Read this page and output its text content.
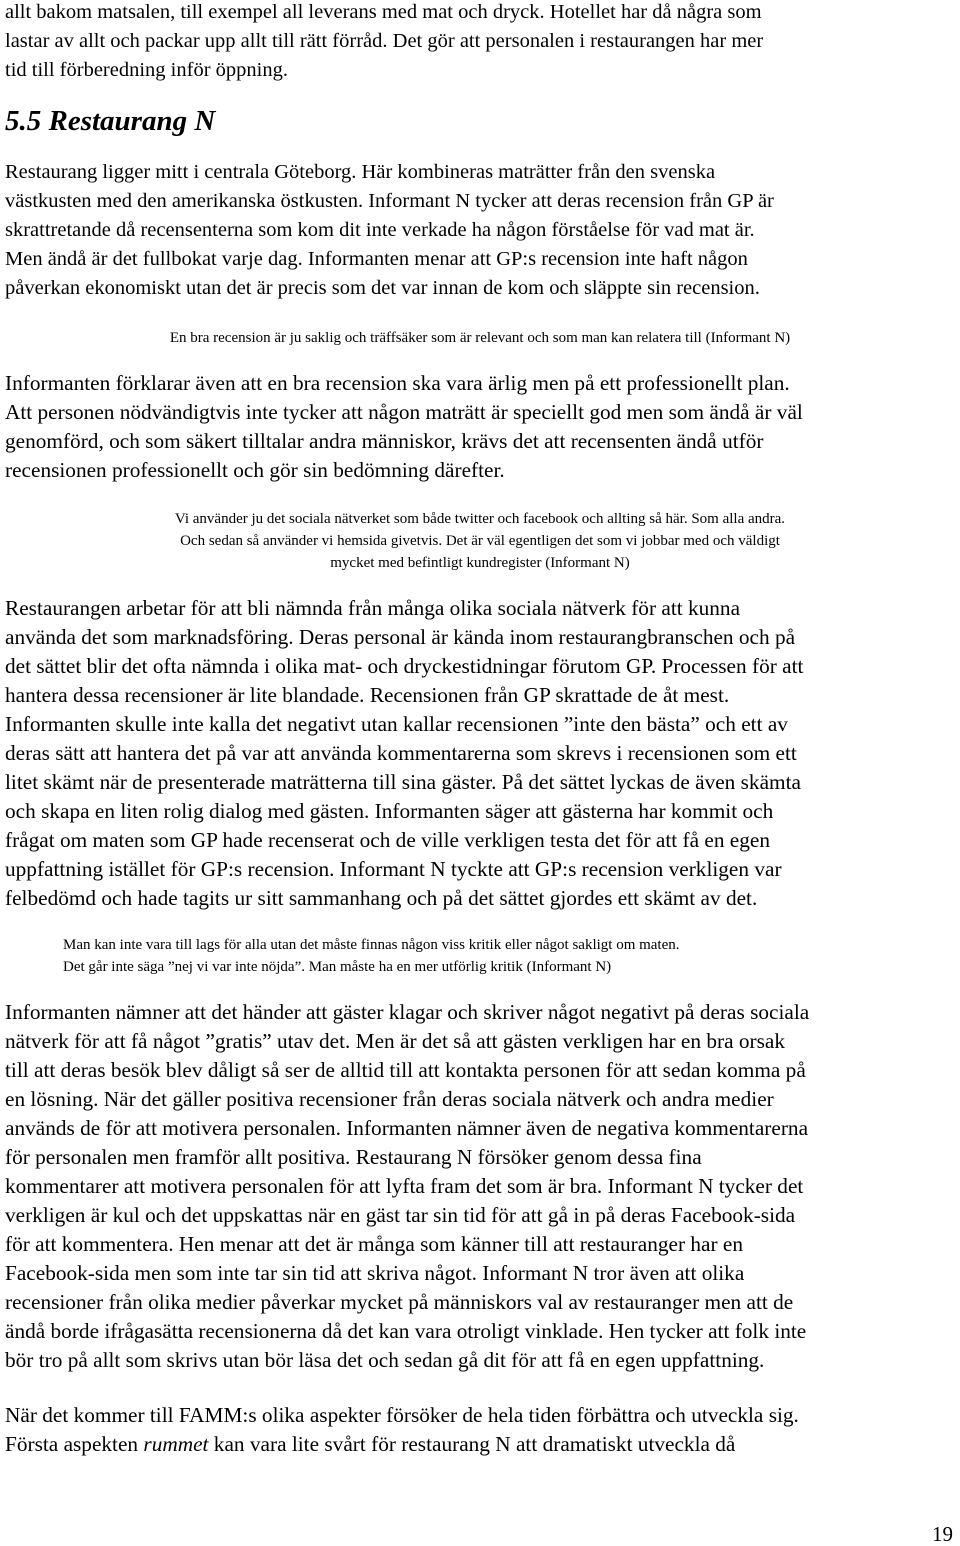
allt bakom matsalen, till exempel all leverans med mat och dryck. Hotellet har då några som
lastar av allt och packar upp allt till rätt förråd. Det gör att personalen i restaurangen har mer
tid till förberedning inför öppning.
5.5 Restaurang N
Restaurang ligger mitt i centrala Göteborg. Här kombineras maträtter från den svenska
västkusten med den amerikanska östkusten. Informant N tycker att deras recension från GP är
skrattretande då recensenterna som kom dit inte verkade ha någon förståelse för vad mat är.
Men ändå är det fullbokat varje dag. Informanten menar att GP:s recension inte haft någon
påverkan ekonomiskt utan det är precis som det var innan de kom och släppte sin recension.
En bra recension är ju saklig och träffsäker som är relevant och som man kan relatera till (Informant N)
Informanten förklarar även att en bra recension ska vara ärlig men på ett professionellt plan.
Att personen nödvändigtvis inte tycker att någon maträtt är speciellt god men som ändå är väl
genomförd, och som säkert tilltalar andra människor, krävs det att recensenten ändå utför
recensionen professionellt och gör sin bedömning därefter.
Vi använder ju det sociala nätverket som både twitter och facebook och allting så här. Som alla andra.
Och sedan så använder vi hemsida givetvis. Det är väl egentligen det som vi jobbar med och väldigt
mycket med befintligt kundregister (Informant N)
Restaurangen arbetar för att bli nämnda från många olika sociala nätverk för att kunna
använda det som marknadsföring. Deras personal är kända inom restaurangbranschen och på
det sättet blir det ofta nämnda i olika mat- och dryckestidningar förutom GP. Processen för att
hantera dessa recensioner är lite blandade. Recensionen från GP skrattade de åt mest.
Informanten skulle inte kalla det negativt utan kallar recensionen ”inte den bästa” och ett av
deras sätt att hantera det på var att använda kommentarerna som skrevs i recensionen som ett
litet skämt när de presenterade maträtterna till sina gäster. På det sättet lyckas de även skämta
och skapa en liten rolig dialog med gästen. Informanten säger att gästerna har kommit och
frågat om maten som GP hade recenserat och de ville verkligen testa det för att få en egen
uppfattning istället för GP:s recension. Informant N tyckte att GP:s recension verkligen var
felbedömd och hade tagits ur sitt sammanhang och på det sättet gjordes ett skämt av det.
Man kan inte vara till lags för alla utan det måste finnas någon viss kritik eller något sakligt om maten.
Det går inte säga ”nej vi var inte nöjda”. Man måste ha en mer utförlig kritik (Informant N)
Informanten nämner att det händer att gäster klagar och skriver något negativt på deras sociala
nätverk för att få något ”gratis” utav det. Men är det så att gästen verkligen har en bra orsak
till att deras besök blev dåligt så ser de alltid till att kontakta personen för att sedan komma på
en lösning. När det gäller positiva recensioner från deras sociala nätverk och andra medier
används de för att motivera personalen. Informanten nämner även de negativa kommentarerna
för personalen men framför allt positiva. Restaurang N försöker genom dessa fina
kommentarer att motivera personalen för att lyfta fram det som är bra. Informant N tycker det
verkligen är kul och det uppskattas när en gäst tar sin tid för att gå in på deras Facebook-sida
för att kommentera. Hen menar att det är många som känner till att restauranger har en
Facebook-sida men som inte tar sin tid att skriva något. Informant N tror även att olika
recensioner från olika medier påverkar mycket på människors val av restauranger men att de
ändå borde ifrågasätta recensionerna då det kan vara otroligt vinklade. Hen tycker att folk inte
bör tro på allt som skrivs utan bör läsa det och sedan gå dit för att få en egen uppfattning.
När det kommer till FAMM:s olika aspekter försöker de hela tiden förbättra och utveckla sig.
Första aspekten rummet kan vara lite svårt för restaurang N att dramatiskt utveckla då
19
